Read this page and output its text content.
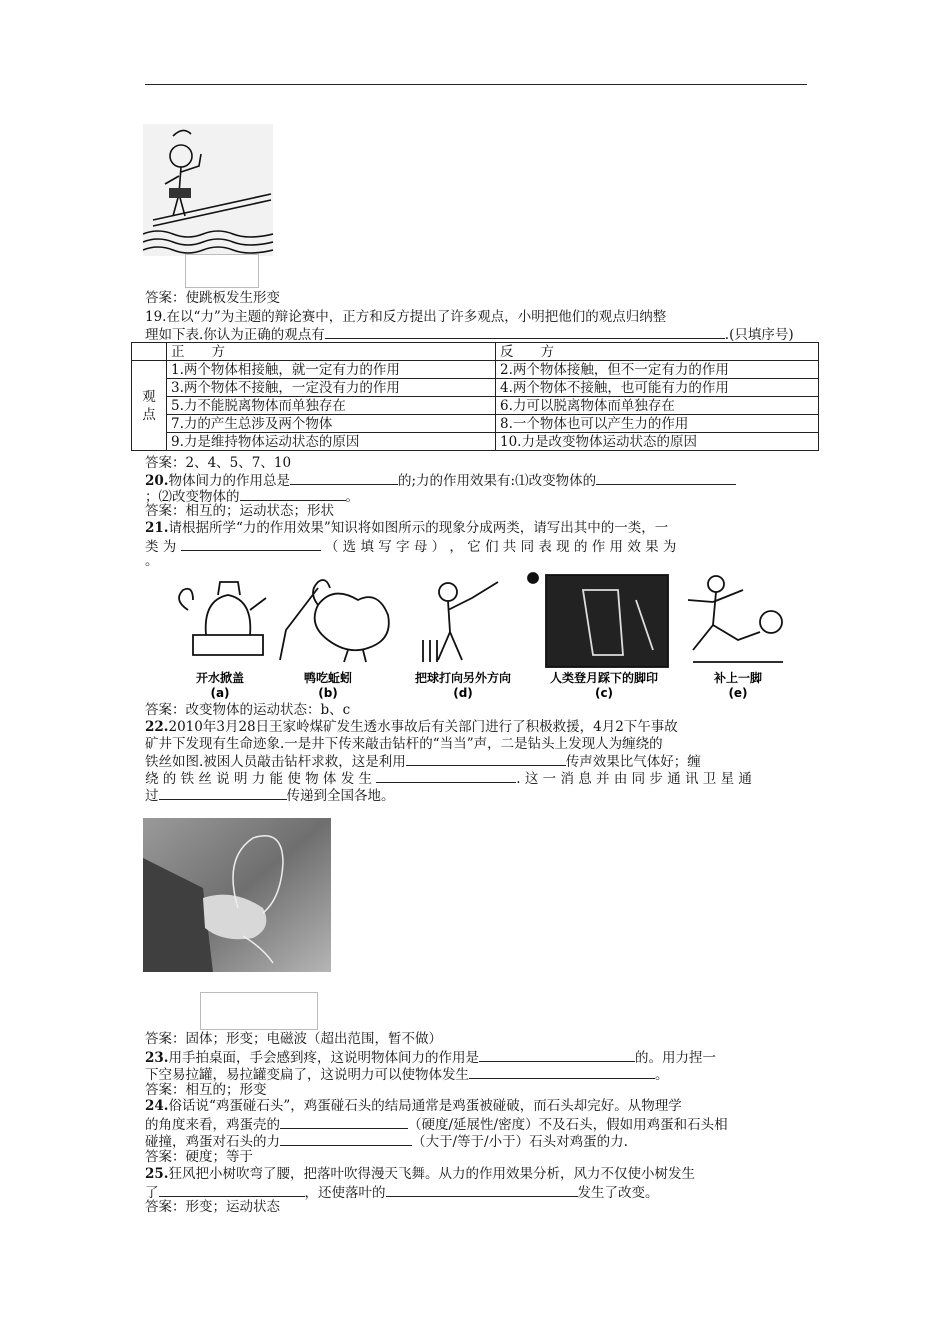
答案：使跳板发生形变
19.在以“力”为主题的辩论赛中，正方和反方提出了许多观点，小明把他们的观点归纳整
理如下表.你认为正确的观点有	.(只填序号)
	正　　方	反　　方
观点	1.两个物体相接触，就一定有力的作用	2.两个物体接触，但不一定有力的作用
	3.两个物体不接触，一定没有力的作用	4.两个物体不接触，也可能有力的作用
	5.力不能脱离物体而单独存在	6.力可以脱离物体而单独存在
	7.力的产生总涉及两个物体	8.一个物体也可以产生力的作用
	9.力是维持物体运动状态的原因	10.力是改变物体运动状态的原因
答案：2、4、5、7、10
20.物体间力的作用总是	的;力的作用效果有:⑴改变物体的
；⑵改变物体的	。
答案：相互的；运动状态；形状
21.请根据所学“力的作用效果”知识将如图所示的现象分成两类，请写出其中的一类，一
类 为	（ 选 填 写 字 母 ） ， 它 们 共 同 表 现 的 作 用 效 果 为
。
开水掀盖
(a)
鸭吃蚯蚓
(b)
把球打向另外方向
(d)
人类登月踩下的脚印
(c)
补上一脚
(e)
答案：改变物体的运动状态：b、c
22.2010年3月28日王家岭煤矿发生透水事故后有关部门进行了积极救援，4月2下午事故
矿井下发现有生命迹象.一是井下传来敲击钻杆的“当当”声，二是钻头上发现人为缠绕的
铁丝如图.被困人员敲击钻杆求救，这是利用	传声效果比气体好；缠
绕 的 铁 丝 说 明 力 能 使 物 体 发 生	. 这 一 消 息 并 由 同 步 通 讯 卫 星 通
过	传递到全国各地。
答案：固体；形变；电磁波（超出范围，暂不做）
23.用手拍桌面，手会感到疼，这说明物体间力的作用是	的。用力捏一
下空易拉罐，易拉罐变扁了，这说明力可以使物体发生	。
答案：相互的；形变
24.俗话说“鸡蛋碰石头”，鸡蛋碰石头的结局通常是鸡蛋被碰破，而石头却完好。从物理学
的角度来看，鸡蛋壳的	（硬度/延展性/密度）不及石头，假如用鸡蛋和石头相
碰撞，鸡蛋对石头的力	（大于/等于/小于）石头对鸡蛋的力.
答案：硬度；等于
25.狂风把小树吹弯了腰，把落叶吹得漫天飞舞。从力的作用效果分析，风力不仅使小树发生
了	，还使落叶的	发生了改变。
答案：形变；运动状态
